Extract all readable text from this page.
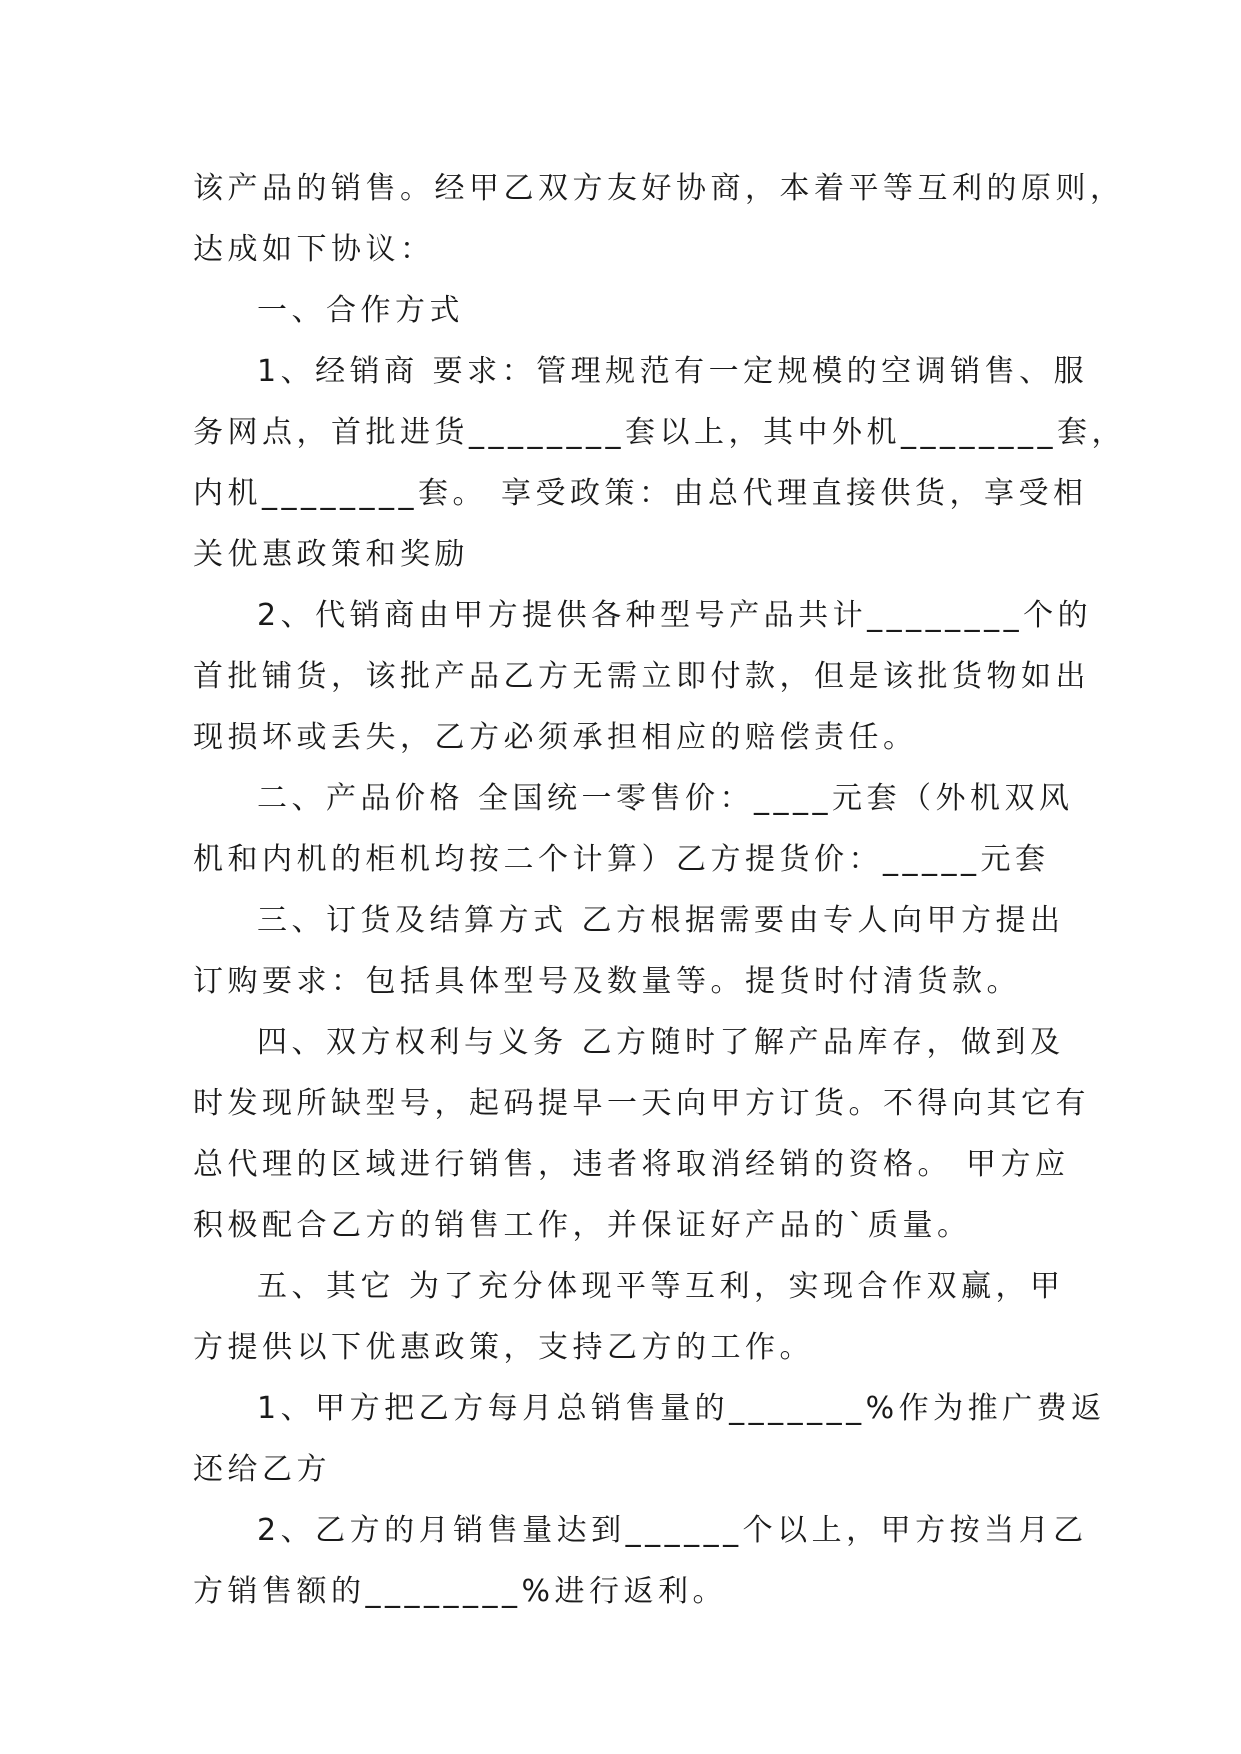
该产品的销售。经甲乙双方友好协商，本着平等互利的原则，
达成如下协议：
一、合作方式
1、经销商 要求：管理规范有一定规模的空调销售、服
务网点，首批进货________套以上，其中外机________套，
内机________套。 享受政策：由总代理直接供货，享受相
关优惠政策和奖励
2、代销商由甲方提供各种型号产品共计________个的
首批铺货，该批产品乙方无需立即付款，但是该批货物如出
现损坏或丢失，乙方必须承担相应的赔偿责任。
二、产品价格 全国统一零售价：____元套（外机双风
机和内机的柜机均按二个计算）乙方提货价：_____元套
三、订货及结算方式 乙方根据需要由专人向甲方提出
订购要求：包括具体型号及数量等。提货时付清货款。
四、双方权利与义务 乙方随时了解产品库存，做到及
时发现所缺型号，起码提早一天向甲方订货。不得向其它有
总代理的区域进行销售，违者将取消经销的资格。 甲方应
积极配合乙方的销售工作，并保证好产品的`质量。
五、其它 为了充分体现平等互利，实现合作双赢，甲
方提供以下优惠政策，支持乙方的工作。
1、甲方把乙方每月总销售量的_______%作为推广费返
还给乙方
2、乙方的月销售量达到______个以上，甲方按当月乙
方销售额的________%进行返利。
